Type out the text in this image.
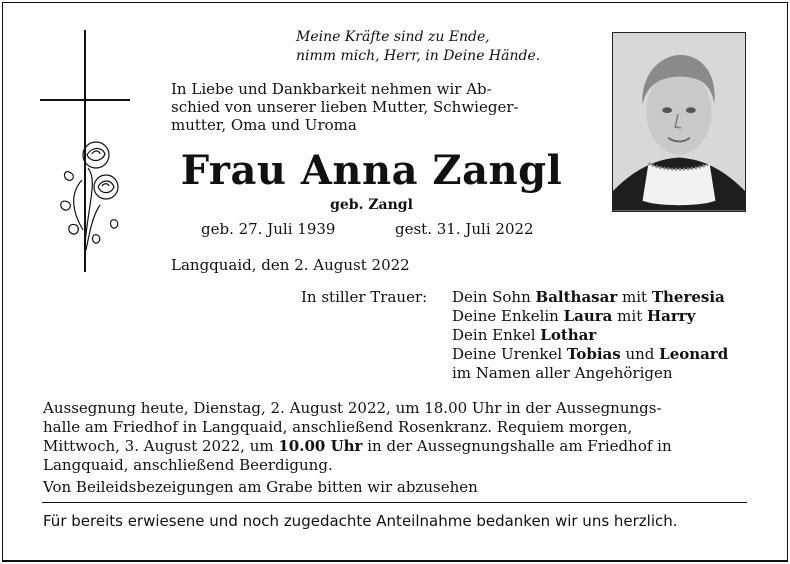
Meine Kräfte sind zu Ende,
nimm mich, Herr, in Deine Hände.
In Liebe und Dankbarkeit nehmen wir Ab-
schied von unserer lieben Mutter, Schwieger-
mutter, Oma und Uroma
Frau Anna Zangl
geb. Zangl
geb. 27. Juli 1939	gest. 31. Juli 2022
Langquaid, den 2. August 2022
In stiller Trauer: Dein Sohn Balthasar mit Theresia
Deine Enkelin Laura mit Harry
Dein Enkel Lothar
Deine Urenkel Tobias und Leonard
im Namen aller Angehörigen
Aussegnung heute, Dienstag, 2. August 2022, um 18.00 Uhr in der Aussegnungs-
halle am Friedhof in Langquaid, anschließend Rosenkranz. Requiem morgen,
Mittwoch, 3. August 2022, um 10.00 Uhr in der Aussegnungshalle am Friedhof in
Langquaid, anschließend Beerdigung.
Von Beileidsbezeigungen am Grabe bitten wir abzusehen
Für bereits erwiesene und noch zugedachte Anteilnahme bedanken wir uns herzlich.
